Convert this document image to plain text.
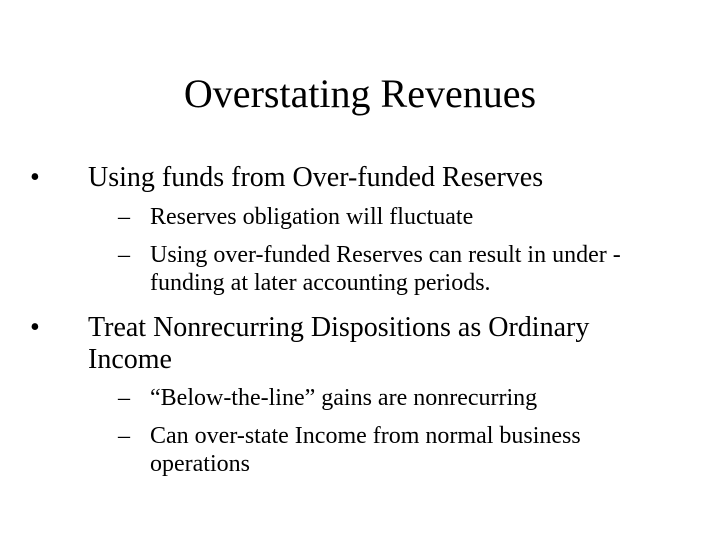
Overstating Revenues
•	Using funds from Over-funded Reserves
– Reserves obligation will fluctuate
– Using over-funded Reserves can result in under -funding at later accounting periods.
•	Treat Nonrecurring Dispositions as Ordinary Income
– “Below-the-line” gains are nonrecurring
– Can over-state Income from normal business operations
